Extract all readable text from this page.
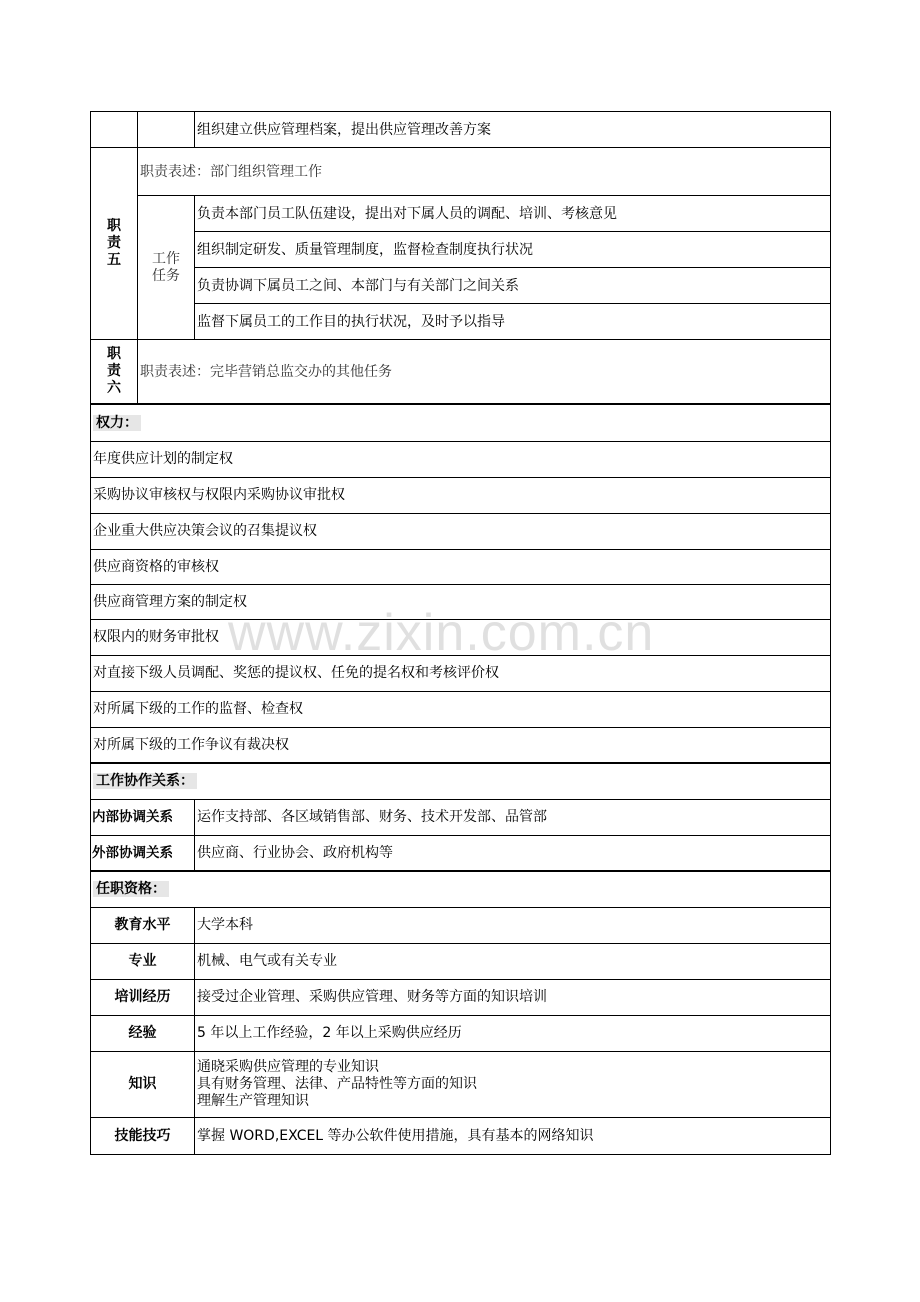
		组织建立供应管理档案，提出供应管理改善方案

职
责
五	职责表述：部门组织管理工作	

	工作
任务	负责本部门员工队伍建设，提出对下属人员的调配、培训、考核意见
		组织制定研发、质量管理制度，监督检查制度执行状况
		负责协调下属员工之间、本部门与有关部门之间关系
		监督下属员工的工作目的执行状况，及时予以指导

职
责
六	职责表述：完毕营销总监交办的其他任务	
权力：
年度供应计划的制定权
采购协议审核权与权限内采购协议审批权
企业重大供应决策会议的召集提议权
供应商资格的审核权
供应商管理方案的制定权
权限内的财务审批权
对直接下级人员调配、奖惩的提议权、任免的提名权和考核评价权
对所属下级的工作的监督、检查权
对所属下级的工作争议有裁决权
工作协作关系：	
内部协调关系	运作支持部、各区域销售部、财务、技术开发部、品管部
外部协调关系	供应商、行业协会、政府机构等
任职资格：	
教育水平	大学本科
专业	机械、电气或有关专业
培训经历	接受过企业管理、采购供应管理、财务等方面的知识培训
经验	5 年以上工作经验，2 年以上采购供应经历
知识	通晓采购供应管理的专业知识
具有财务管理、法律、产品特性等方面的知识
理解生产管理知识

技能技巧	掌握 WORD,EXCEL 等办公软件使用措施，具有基本的网络知识
www.zixin.com.cn
